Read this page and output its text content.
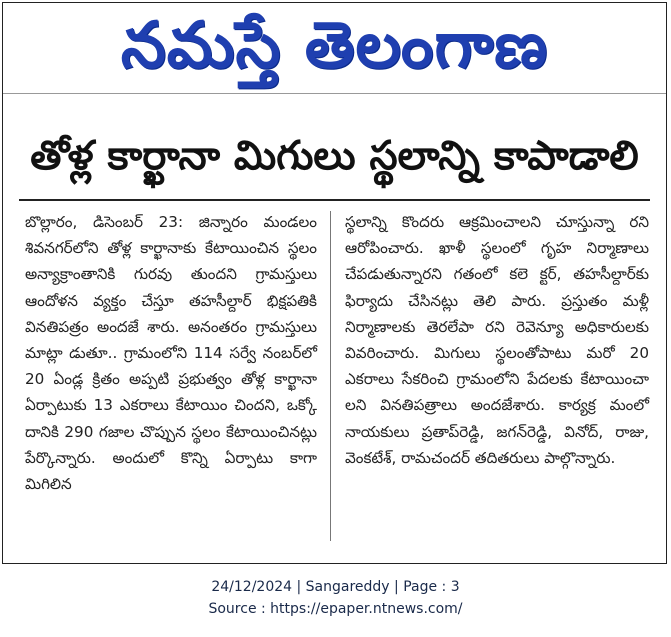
నమస్తే తెలంగాణ
తోళ్ల కార్ఖానా మిగులు స్థలాన్ని కాపాడాలి

బొల్లారం, డిసెంబర్ 23: జిన్నారం మండలం శివనగర్‌లోని తోళ్ల కార్ఖానాకు కేటాయించిన స్థలం అన్యాక్రాంతానికి గురవు తుందని గ్రామస్తులు ఆందోళన వ్యక్తం చేస్తూ తహసీల్దార్ భిక్షపతికి వినతిపత్రం అందజే శారు. అనంతరం గ్రామస్తులు మాట్లా డుతూ.. గ్రామంలోని 114 సర్వే నంబర్‌లో 20 ఏండ్ల క్రితం అప్పటి ప్రభుత్వం తోళ్ల కార్ఖానా ఏర్పాటుకు 13 ఎకరాలు కేటాయిం చిందని, ఒక్కో దానికి 290 గజాల చొప్పున స్థలం కేటాయించినట్లు పేర్కొన్నారు. అందులో కొన్ని ఏర్పాటు కాగా మిగిలిన

స్థలాన్ని కొందరు ఆక్రమించాలని చూస్తున్నా రని ఆరోపించారు. ఖాళీ స్థలంలో గృహ నిర్మాణాలు చేపడుతున్నారని గతంలో కలె క్టర్, తహసీల్దార్‌కు ఫిర్యాదు చేసినట్లు తెలి పారు. ప్రస్తుతం మళ్లీ నిర్మాణాలకు తెరలేపా రని రెవెన్యూ అధికారులకు వివరించారు. మిగులు స్థలంతోపాటు మరో 20 ఎకరాలు సేకరించి గ్రామంలోని పేదలకు కేటాయించా లని వినతిపత్రాలు అందజేశారు. కార్యక్ర మంలో నాయకులు ప్రతాప్‌రెడ్డి, జగన్‌రెడ్డి, వినోద్, రాజు, వెంకటేశ్, రామచందర్ తదితరులు పాల్గొన్నారు.

24/12/2024 | Sangareddy | Page : 3
Source : https://epaper.ntnews.com/
